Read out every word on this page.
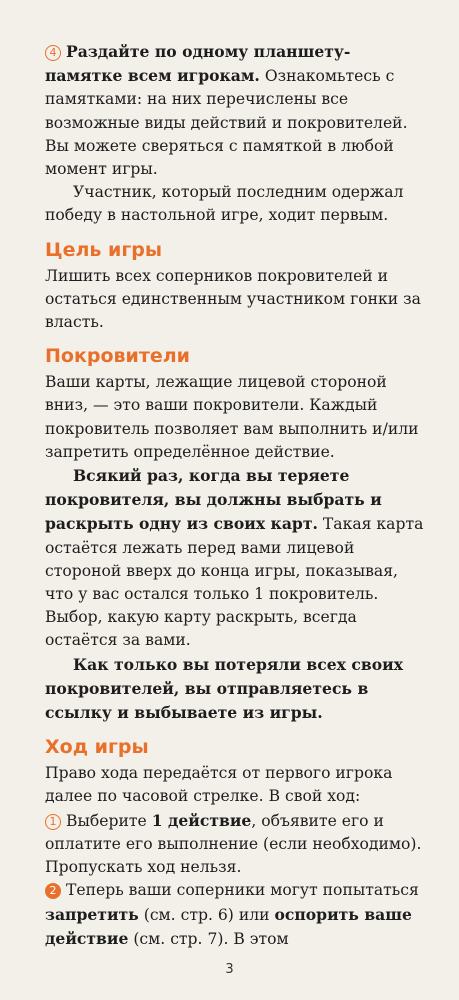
4 Раздайте по одному планшету-памятке всем игрокам. Ознакомьтесь с памятками: на них перечислены все возможные виды действий и покровителей. Вы можете сверяться с памяткой в любой момент игры.

Участник, который последним одержал победу в настольной игре, ходит первым.

Цель игры

Лишить всех соперников покровителей и остаться единственным участником гонки за власть.

Покровители

Ваши карты, лежащие лицевой стороной вниз, — это ваши покровители. Каждый покровитель позволяет вам выполнить и/или запретить определённое действие.

Всякий раз, когда вы теряете покровителя, вы должны выбрать и раскрыть одну из своих карт. Такая карта остаётся лежать перед вами лицевой стороной вверх до конца игры, показывая, что у вас остался только 1 покровитель. Выбор, какую карту раскрыть, всегда остаётся за вами.

Как только вы потеряли всех своих покровителей, вы отправляетесь в ссылку и выбываете из игры.

Ход игры

Право хода передаётся от первого игрока далее по часовой стрелке. В свой ход:

1 Выберите 1 действие, объявите его и оплатите его выполнение (если необходимо). Пропускать ход нельзя.

2 Теперь ваши соперники могут попытаться запретить (см. стр. 6) или оспорить ваше действие (см. стр. 7). В этом

3
